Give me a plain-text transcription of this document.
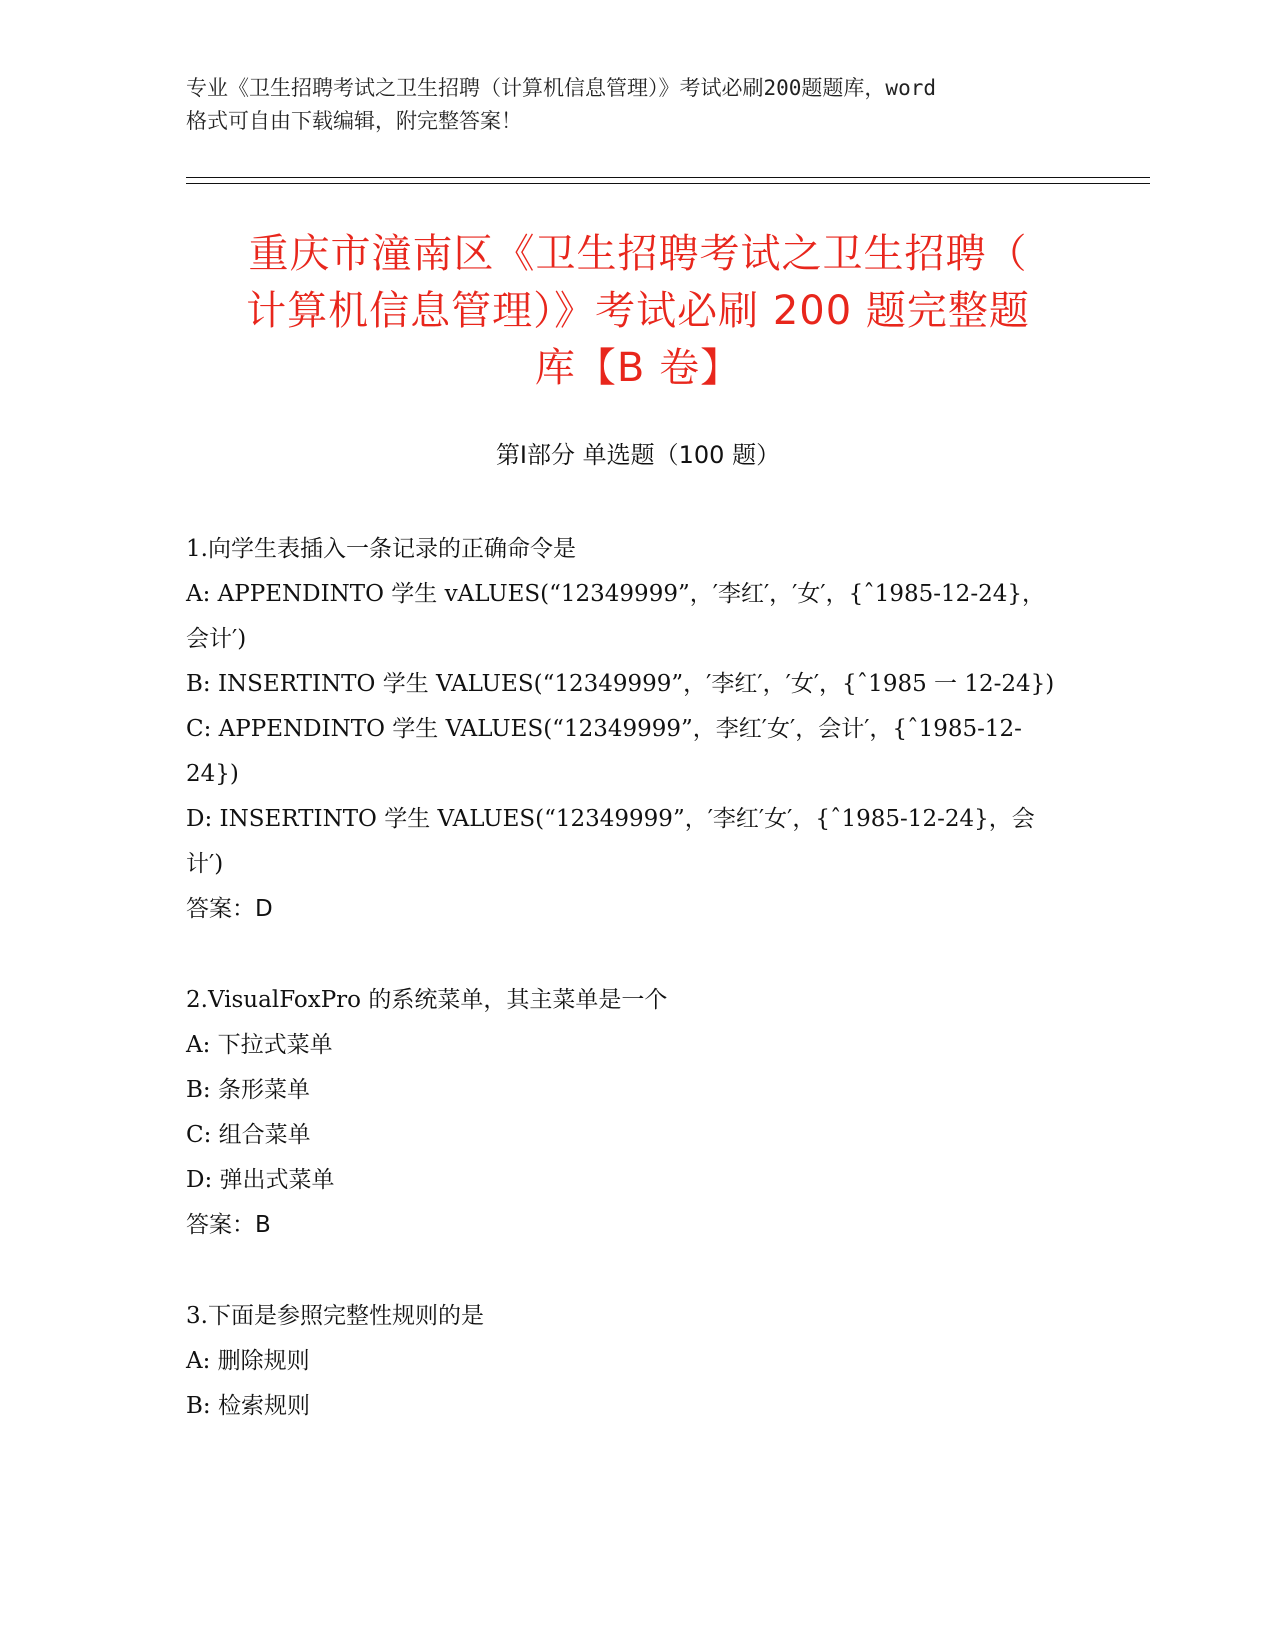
专业《卫生招聘考试之卫生招聘（计算机信息管理）》考试必刷200题题库，word
格式可自由下载编辑，附完整答案！
重庆市潼南区《卫生招聘考试之卫生招聘（
计算机信息管理）》考试必刷 200 题完整题
库【B 卷】
第Ⅰ部分 单选题（100 题）
1.向学生表插入一条记录的正确命令是
A: APPENDINTO 学生 vALUES(“12349999”，′李红′，′女′，{ˆ1985-12-24}，会计′)
B: INSERTINTO 学生 VALUES(“12349999”，′李红′，′女′，{ˆ1985 一 12-24})
C: APPENDINTO 学生 VALUES(“12349999”，李红′女′，会计′，{ˆ1985-12-24})
D: INSERTINTO 学生 VALUES(“12349999”，′李红′女′，{ˆ1985-12-24}，会计′)
答案：D
2.VisualFoxPro 的系统菜单，其主菜单是一个
A: 下拉式菜单
B: 条形菜单
C: 组合菜单
D: 弹出式菜单
答案：B
3.下面是参照完整性规则的是
A: 删除规则
B: 检索规则
